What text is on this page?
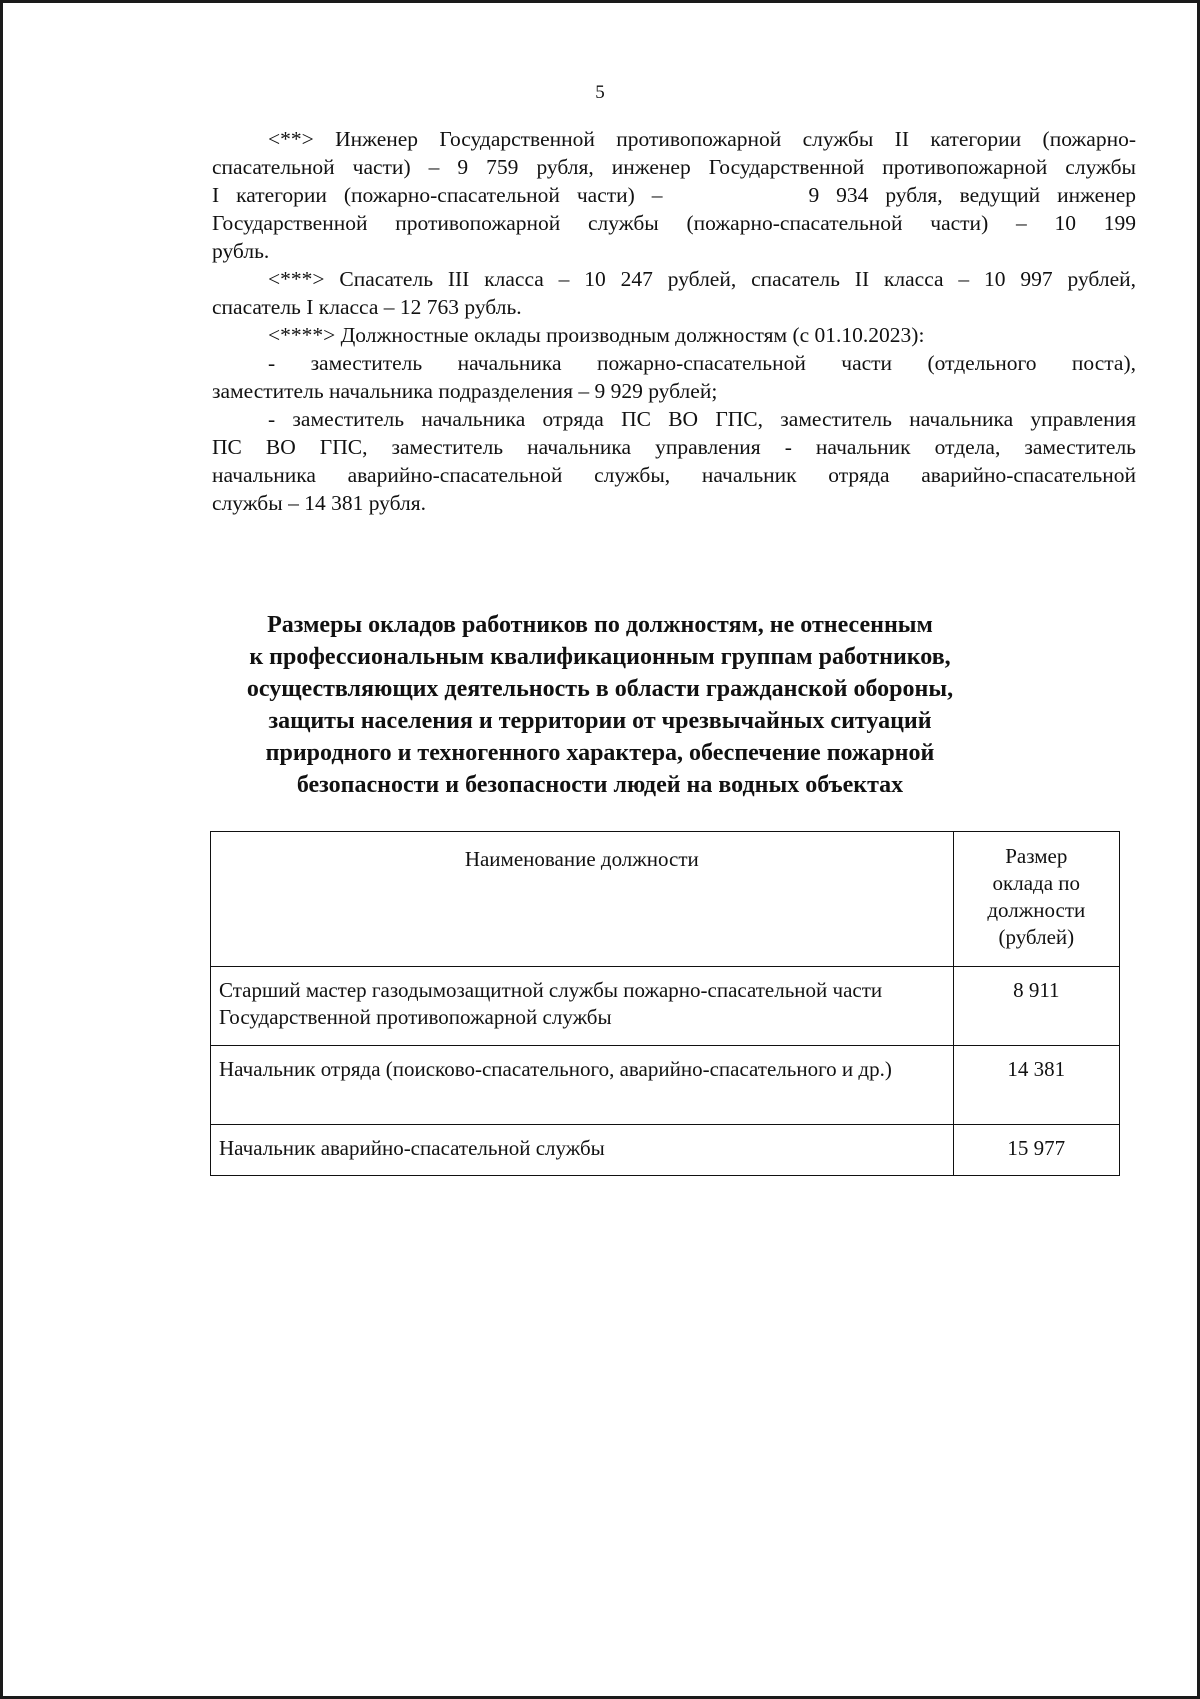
5

<**> Инженер Государственной противопожарной службы II категории (пожарно-

спасательной части) – 9 759 рубля, инженер Государственной противопожарной службы

I категории (пожарно-спасательной части) –	9 934 рубля, ведущий инженер

Государственной противопожарной службы (пожарно-спасательной части) – 10 199

рубль.

<***> Спасатель III класса – 10 247 рублей, спасатель II класса – 10 997 рублей,

спасатель I класса – 12 763 рубль.

<****> Должностные оклады производным должностям (с 01.10.2023):

- заместитель начальника пожарно-спасательной части (отдельного поста),

заместитель начальника подразделения – 9 929 рублей;

- заместитель начальника отряда ПС ВО ГПС, заместитель начальника управления

ПС ВО ГПС, заместитель начальника управления - начальник отдела, заместитель

начальника аварийно-спасательной службы, начальник отряда аварийно-спасательной

службы – 14 381 рубля.

Размеры окладов работников по должностям, не отнесенным
к профессиональным квалификационным группам работников,
осуществляющих деятельность в области гражданской обороны,
защиты населения и территории от чрезвычайных ситуаций
природного и техногенного характера, обеспечение пожарной
безопасности и безопасности людей на водных объектах
Наименование должности	Размер
оклада по
должности
(рублей)

Старший мастер газодымозащитной службы пожарно-спасательной части Государственной противопожарной службы	8 911
Начальник отряда (поисково-спасательного, аварийно-спасательного и др.)	14 381
Начальник аварийно-спасательной службы	15 977
